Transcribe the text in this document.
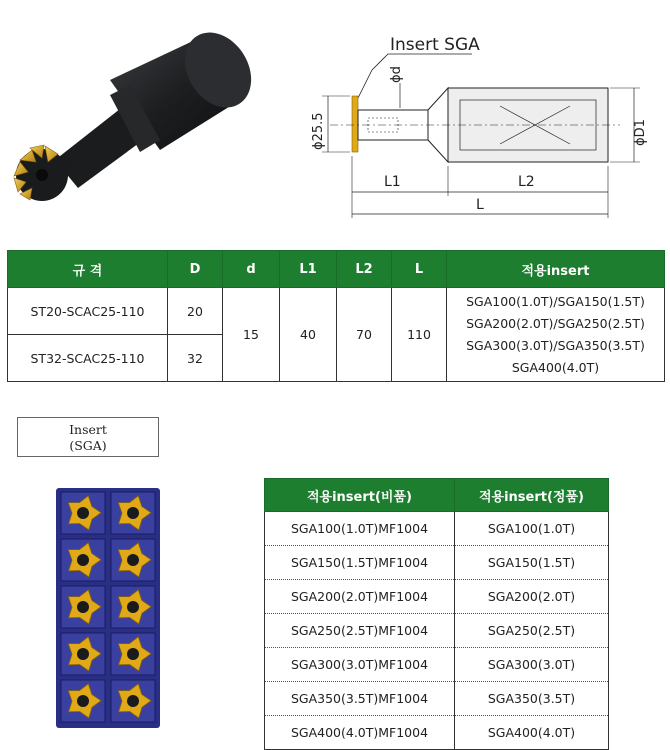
Insert SGA
ϕd
ϕ25.5	ϕD1
L1	L2
L
규 격	D	d	L1	L2	L	적용insert
ST20-SCAC25-110	20	15	40	70	110	SGA100(1.0T)/SGA150(1.5T)
SGA200(2.0T)/SGA250(2.5T)
SGA300(3.0T)/SGA350(3.5T)
SGA400(4.0T)

ST32-SCAC25-110	32					
Insert
(SGA)
적용insert(비품)	적용insert(정품)
SGA100(1.0T)MF1004	SGA100(1.0T)
SGA150(1.5T)MF1004	SGA150(1.5T)
SGA200(2.0T)MF1004	SGA200(2.0T)
SGA250(2.5T)MF1004	SGA250(2.5T)
SGA300(3.0T)MF1004	SGA300(3.0T)
SGA350(3.5T)MF1004	SGA350(3.5T)
SGA400(4.0T)MF1004	SGA400(4.0T)
